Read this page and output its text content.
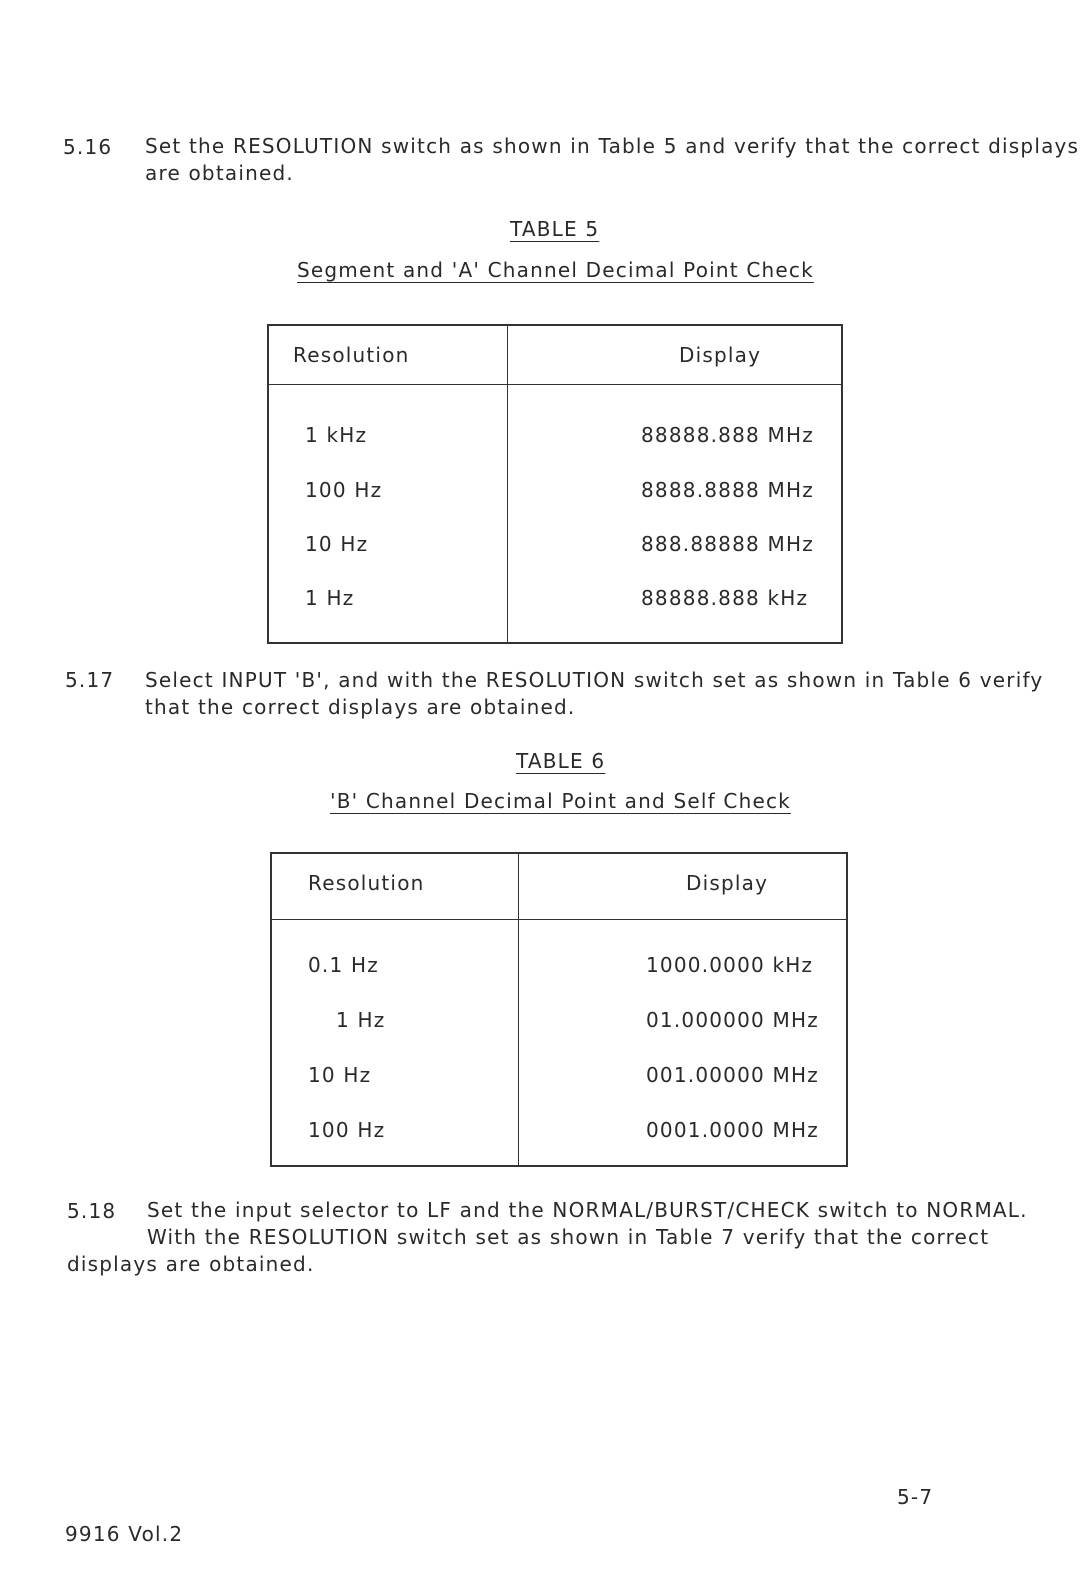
5.16 Set the RESOLUTION switch as shown in Table 5 and verify that the correct displays
are obtained.
TABLE 5
Segment and 'A' Channel Decimal Point Check
Resolution	Display
1 kHz	88888.888 MHz
100 Hz	8888.8888 MHz
10 Hz	888.88888 MHz
1 Hz	88888.888 kHz
5.17 Select INPUT 'B', and with the RESOLUTION switch set as shown in Table 6 verify
that the correct displays are obtained.
TABLE 6
'B' Channel Decimal Point and Self Check
Resolution	Display
0.1 Hz	1000.0000 kHz
1 Hz	01.000000 MHz
10 Hz	001.00000 MHz
100 Hz	0001.0000 MHz
5.18 Set the input selector to LF and the NORMAL/BURST/CHECK switch to NORMAL.
With the RESOLUTION switch set as shown in Table 7 verify that the correct
displays are obtained.
5-7
9916 Vol.2
